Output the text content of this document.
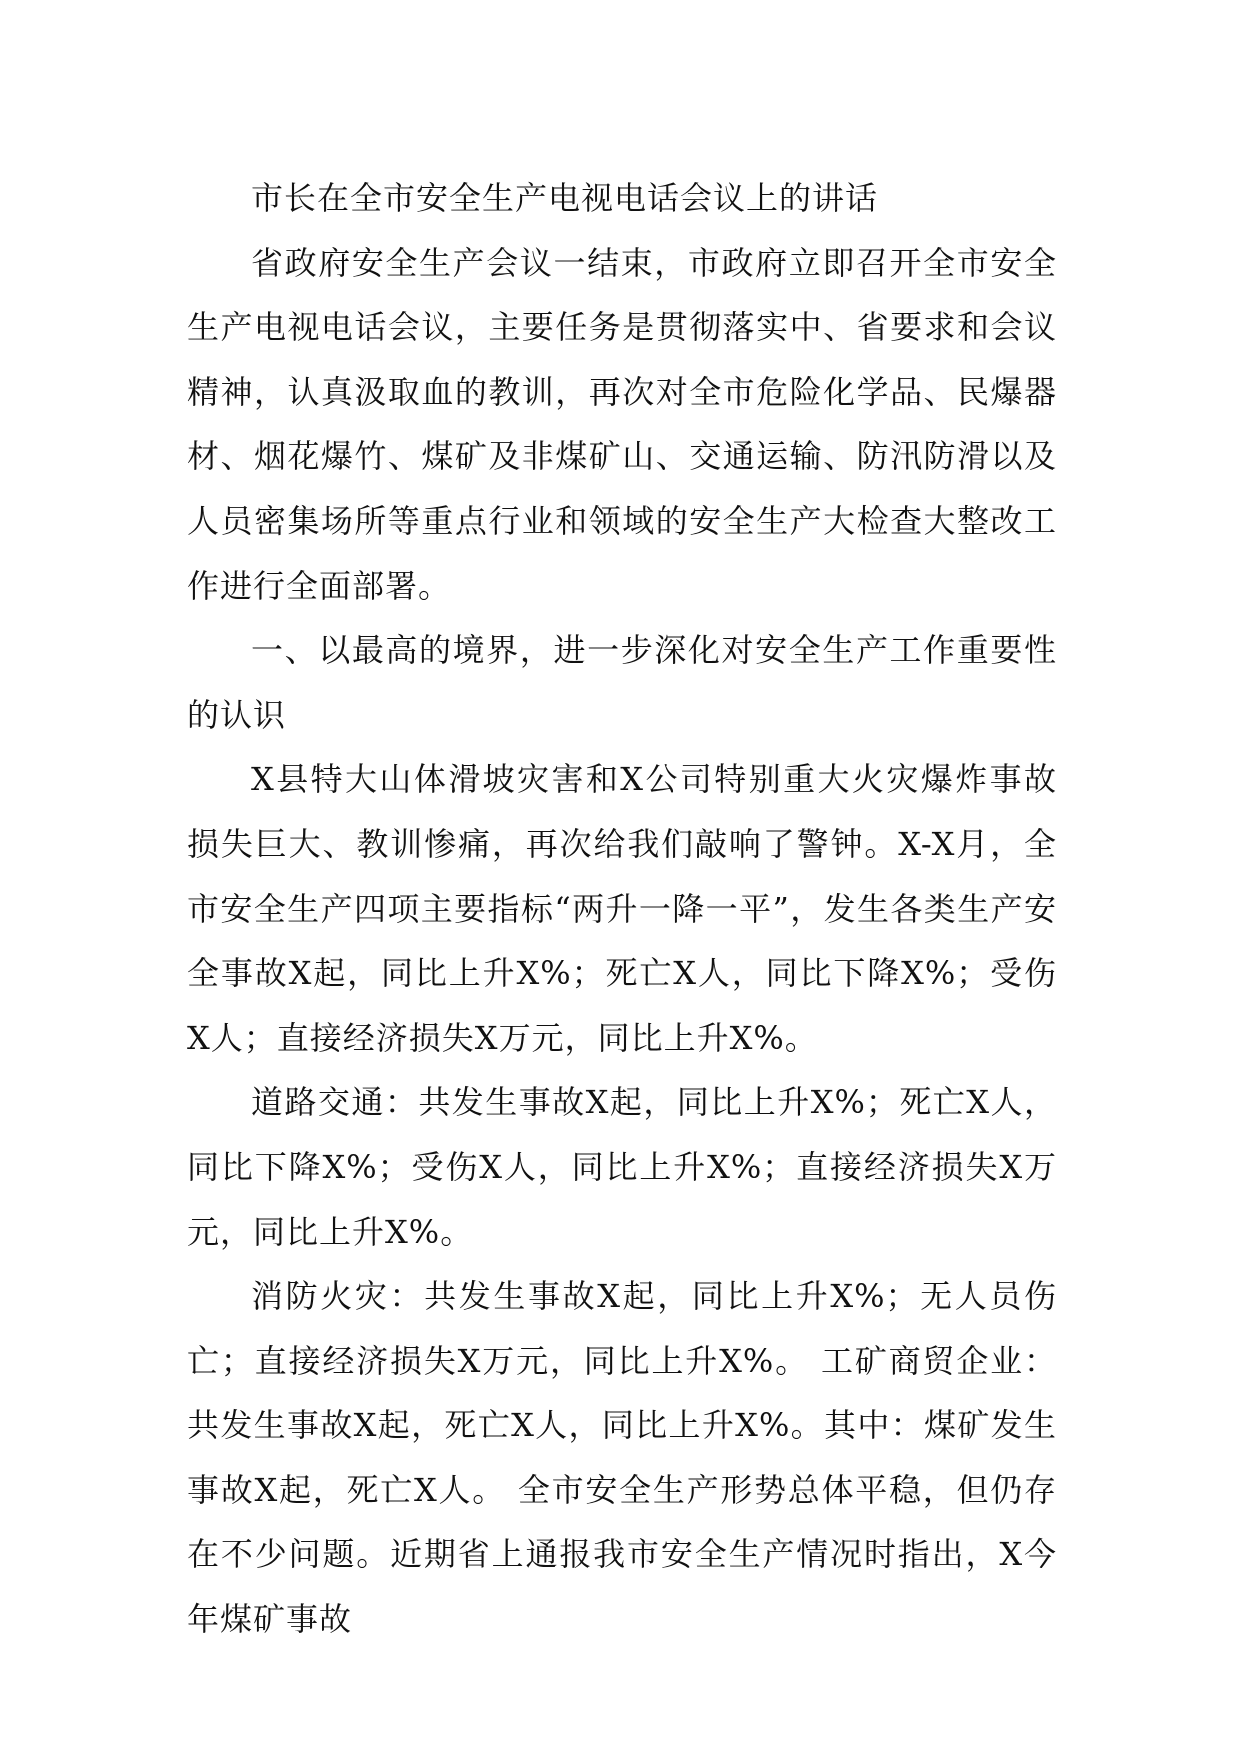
市长在全市安全生产电视电话会议上的讲话

省政府安全生产会议一结束，市政府立即召开全市安全生产电视电话会议，主要任务是贯彻落实中、省要求和会议精神，认真汲取血的教训，再次对全市危险化学品、民爆器材、烟花爆竹、煤矿及非煤矿山、交通运输、防汛防滑以及人员密集场所等重点行业和领域的安全生产大检查大整改工作进行全面部署。

一、以最高的境界，进一步深化对安全生产工作重要性的认识

X县特大山体滑坡灾害和X公司特别重大火灾爆炸事故损失巨大、教训惨痛，再次给我们敲响了警钟。X-X月，全市安全生产四项主要指标“两升一降一平”，发生各类生产安全事故X起，同比上升X%；死亡X人，同比下降X%；受伤X人；直接经济损失X万元，同比上升X%。

道路交通：共发生事故X起，同比上升X%；死亡X人，同比下降X%；受伤X人，同比上升X%；直接经济损失X万元，同比上升X%。

消防火灾：共发生事故X起，同比上升X%；无人员伤亡；直接经济损失X万元，同比上升X%。 工矿商贸企业：共发生事故X起，死亡X人，同比上升X%。其中：煤矿发生事故X起，死亡X人。 全市安全生产形势总体平稳，但仍存在不少问题。近期省上通报我市安全生产情况时指出，X今年煤矿事故
